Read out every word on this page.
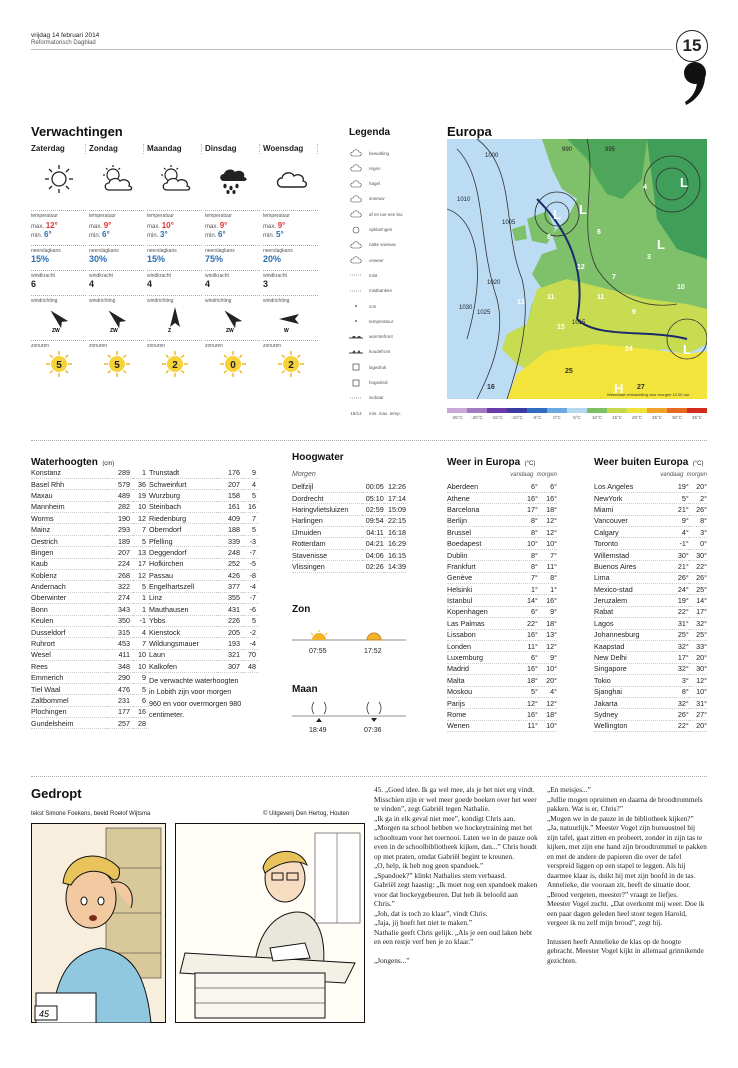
vrijdag 14 februari 2014
Reformatorisch Dagblad	15
Verwachtingen
Zaterdag
temperatuur
max. 12°
min. 6°
neerslagkans
15%
windkracht
6
windrichting
ZW
zonuren
5
Zondag
temperatuur
max. 9°
min. 6°
neerslagkans
30%
windkracht
4
windrichting
ZW
zonuren
5
Maandag
temperatuur
max. 10°
min. 3°
neerslagkans
15%
windkracht
4
windrichting
Z
zonuren
2
Dinsdag
temperatuur
max. 9°
min. 6°
neerslagkans
75%
windkracht
4
windrichting
ZW
zonuren
0
Woensdag
temperatuur
max. 9°
min. 5°
neerslagkans
20%
windkracht
3
windrichting
W
zonuren
2
Legenda
bewolking
regen
hagel
sneeuw
af en toe een bui
opklaringen
natte sneeuw
onweer
mist
mistbanken
zon
temperatuur
warmtefront
koudefront
lagedruk
hogedruk
isobaar
18/14	min. max. temp.
Europa
H
L
L
L L
L
990	995
1000
1005
1010
1015
1020
1025
1030
4
6
3
12
13
11	11
9
15
24
25
16	27
8
10
7
Weerkaart verwachting voor morgen 12.00 uur
-25°C	-20°C	-15°C	-10°C	-5°C	0°C	5°C	10°C	15°C	20°C	25°C	30°C	35°C
Waterhoogten (cm)
Konstanz	289	1
Basel Rhh	579	36
Maxau	489	19
Mannheim	282	10
Worms	190	12
Mainz	293	7
Oestrich	189	5
Bingen	207	13
Kaub	224	17
Koblenz	268	12
Andernach	322	5
Oberwinter	274	1
Bonn	343	1
Keulen	350	-1
Dusseldorf	315	4
Ruhrort	453	7
Wesel	411	10
Rees	348	10
Emmerich	290	9
Tiel Waal	476	5
Zaltbommel	231	6
Plochingen	177	16
Gundelsheim	257	28
Trunstadt	176	9
Schweinfurt	207	4
Wurzburg	158	5
Steinbach	161	16
Riedenburg	409	7
Oberndorf	188	5
Pfelling	339	-3
Deggendorf	248	-7
Hofkirchen	252	-5
Passau	426	-8
Engelhartszell	377	-4
Linz	355	-7
Mauthausen	431	-6
Ybbs	226	5
Kienstock	205	-2
Wildungsmauer	193	-4
Laun	321	70
Kalkofen	307	48
De verwachte waterhoogten
in Lobith zijn voor morgen
960 en voor overmorgen 980
centimeter.
Hoogwater
Morgen
Delfzijl	00:05	12:26
Dordrecht	05:10	17:14
Haringvlietsluizen	02:59	15:09
Harlingen	09:54	22:15
IJmuiden	04:11	16:18
Rotterdam	04:21	16:29
Stavenisse	04:06	16:15
Vlissingen	02:26	14:39
Zon
07:55	17:52
Maan
18:49	07:36
Weer in Europa (°C)
vandaag morgen
Aberdeen	6°	6°
Athene	16°	16°
Barcelona	17°	18°
Berlijn	8°	12°
Brussel	8°	12°
Boedapest	10°	10°
Dublin	8°	7°
Frankfurt	8°	11°
Genève	7°	8°
Helsinki	1°	1°
Istanbul	14°	16°
Kopenhagen	6°	9°
Las Palmas	22°	18°
Lissabon	16°	13°
Londen	11°	12°
Luxemburg	6°	9°
Madrid	16°	10°
Malta	18°	20°
Moskou	5°	4°
Parijs	12°	12°
Rome	16°	18°
Wenen	11°	10°
Weer buiten Europa (°C)
vandaag morgen
Los Angeles	19°	20°
NewYork	5°	2°
Miami	21°	26°
Vancouver	9°	8°
Calgary	4°	3°
Toronto	-1°	0°
Willemstad	30°	30°
Buenos Aires	21°	22°
Lima	26°	26°
Mexico-stad	24°	25°
Jeruzalem	19°	14°
Rabat	22°	17°
Lagos	31°	32°
Johannesburg	25°	25°
Kaapstad	32°	33°
New Delhi	17°	20°
Singapore	32°	30°
Tokio	3°	12°
Sjanghai	8°	10°
Jakarta	32°	31°
Sydney	26°	27°
Wellington	22°	20°
Gedropt
tekst Simone Foekens, beeld Roelof Wijtsma	© Uitgeverij Den Hertog, Houten
45

45. „Goed idee. Ik ga wel mee, als je het niet erg vindt. Misschien zijn er wel meer goede boeken over het weer te vinden”, zegt Gabriël tegen Nathalie.

„Ik ga in elk geval niet mee”, kondigt Chris aan. „Morgen na school hebben we hockeytraining met het schoolteam voor het toernooi. Laten we in de pauze ook even in de schoolbibliotheek kijken, dan...” Chris houdt op met praten, omdat Gabriël begint te kreunen.

„O, help, ik heb nog geen spandoek.”

„Spandoek?” klinkt Nathalies stem verbaasd.

Gabriël zegt haastig: „Ik moet nog een spandoek maken voor dat hockeygebeuren. Dat heb ik beloofd aan Chris.”

„Joh, dat is toch zo klaar”, vindt Chris.

„Jaja, jij hoeft het niet te maken.”

Nathalie geeft Chris gelijk. „Als je een oud laken hebt en een restje verf ben je zo klaar.”

„Jongens...”

„En meisjes...”

„Jullie mogen opruimen en daarna de broodtrommels pakken. Wat is er, Chris?”

„Mogen we in de pauze in de bibliotheek kijken?”

„Ja, natuurlijk.” Meester Vogel zijn bureaustoel bij zijn tafel, gaat zitten en probeert, zonder in zijn tas te kijken, met zijn ene hand zijn broodtrommel te pakken en met de andere de papieren die over de tafel verspreid liggen op een stapel te leggen. Als hij daarmee klaar is, duikt hij met zijn hoofd in de tas.

Annelieke, die vooraan zit, heeft de situatie door. „Brood vergeten, meester?” vraagt ze liefjes.

Meester Vogel zucht. „Dat overkomt mij weer. Doe ik een paar dagen geleden heel stoer tegen Harold, vergeet ik nu zelf mijn brood”, zegt hij.

Intussen heeft Annelieke de klas op de hoogte gebracht. Meester Vogel kijkt in allemaal grinnikende gezichten.
